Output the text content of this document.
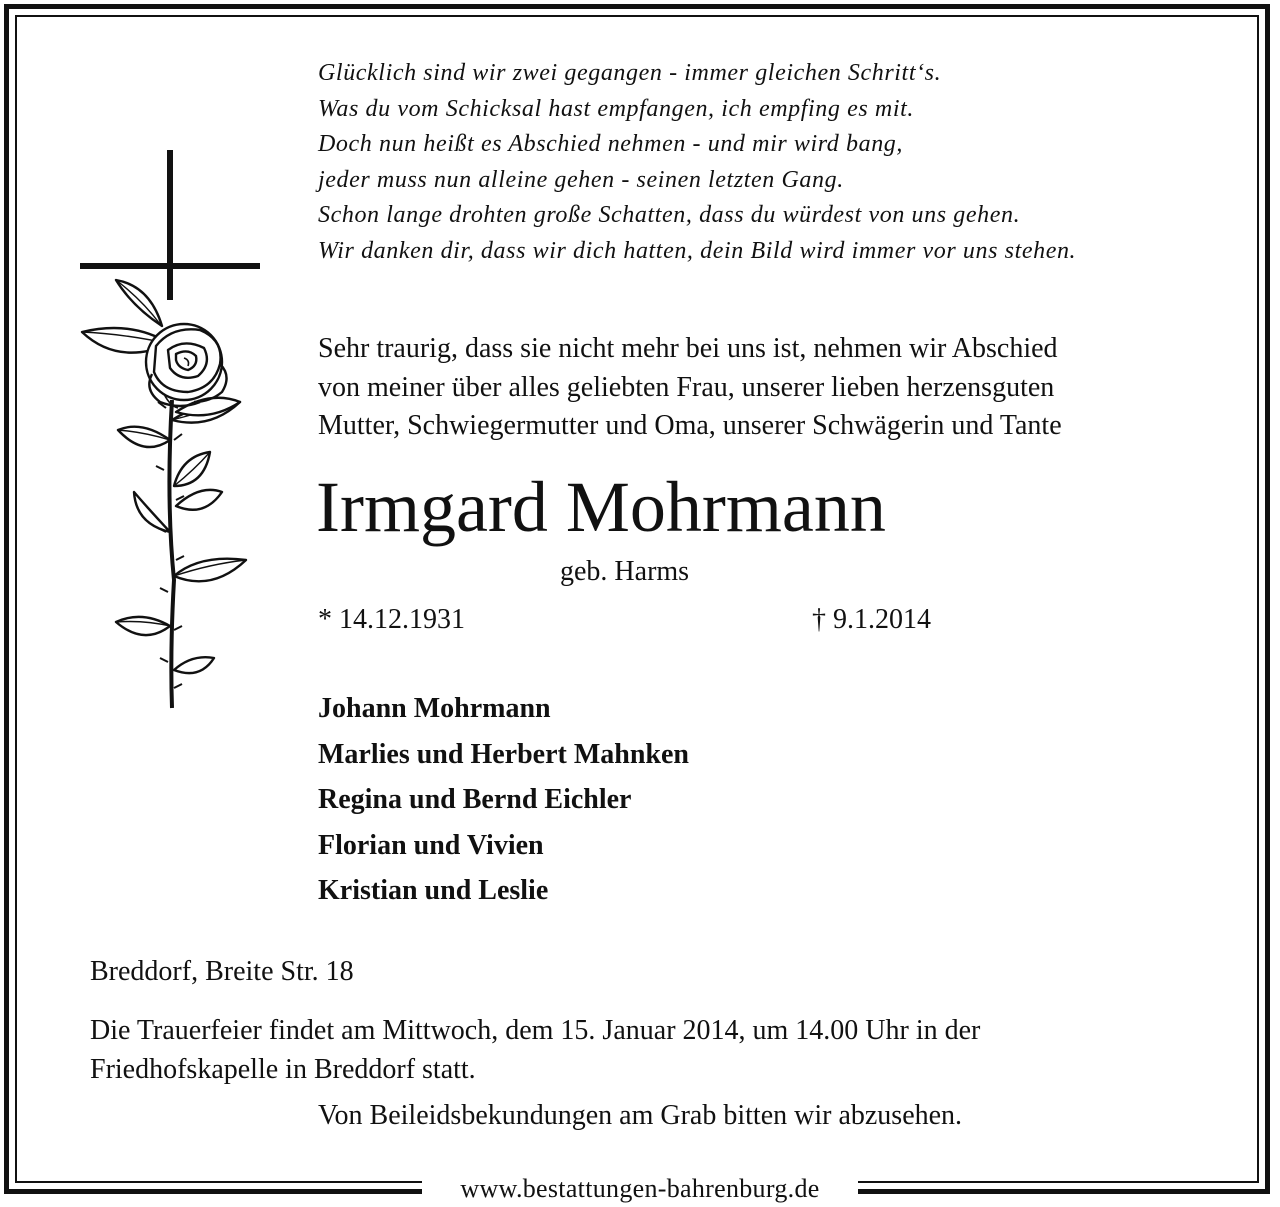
www.bestattungen-bahrenburg.de
Glücklich sind wir zwei gegangen - immer gleichen Schritt‘s.
Was du vom Schicksal hast empfangen, ich empfing es mit.
Doch nun heißt es Abschied nehmen - und mir wird bang,
jeder muss nun alleine gehen - seinen letzten Gang.
Schon lange drohten große Schatten, dass du würdest von uns gehen.
Wir danken dir, dass wir dich hatten, dein Bild wird immer vor uns stehen.
Sehr traurig, dass sie nicht mehr bei uns ist, nehmen wir Abschied
von meiner über alles geliebten Frau, unserer lieben herzensguten
Mutter, Schwiegermutter und Oma, unserer Schwägerin und Tante
Irmgard Mohrmann
geb. Harms
* 14.12.1931	† 9.1.2014
Johann Mohrmann
Marlies und Herbert Mahnken
Regina und Bernd Eichler
Florian und Vivien
Kristian und Leslie
Breddorf, Breite Str. 18
Die Trauerfeier findet am Mittwoch, dem 15. Januar 2014, um 14.00 Uhr in der
Friedhofskapelle in Breddorf statt.
Von Beileidsbekundungen am Grab bitten wir abzusehen.
